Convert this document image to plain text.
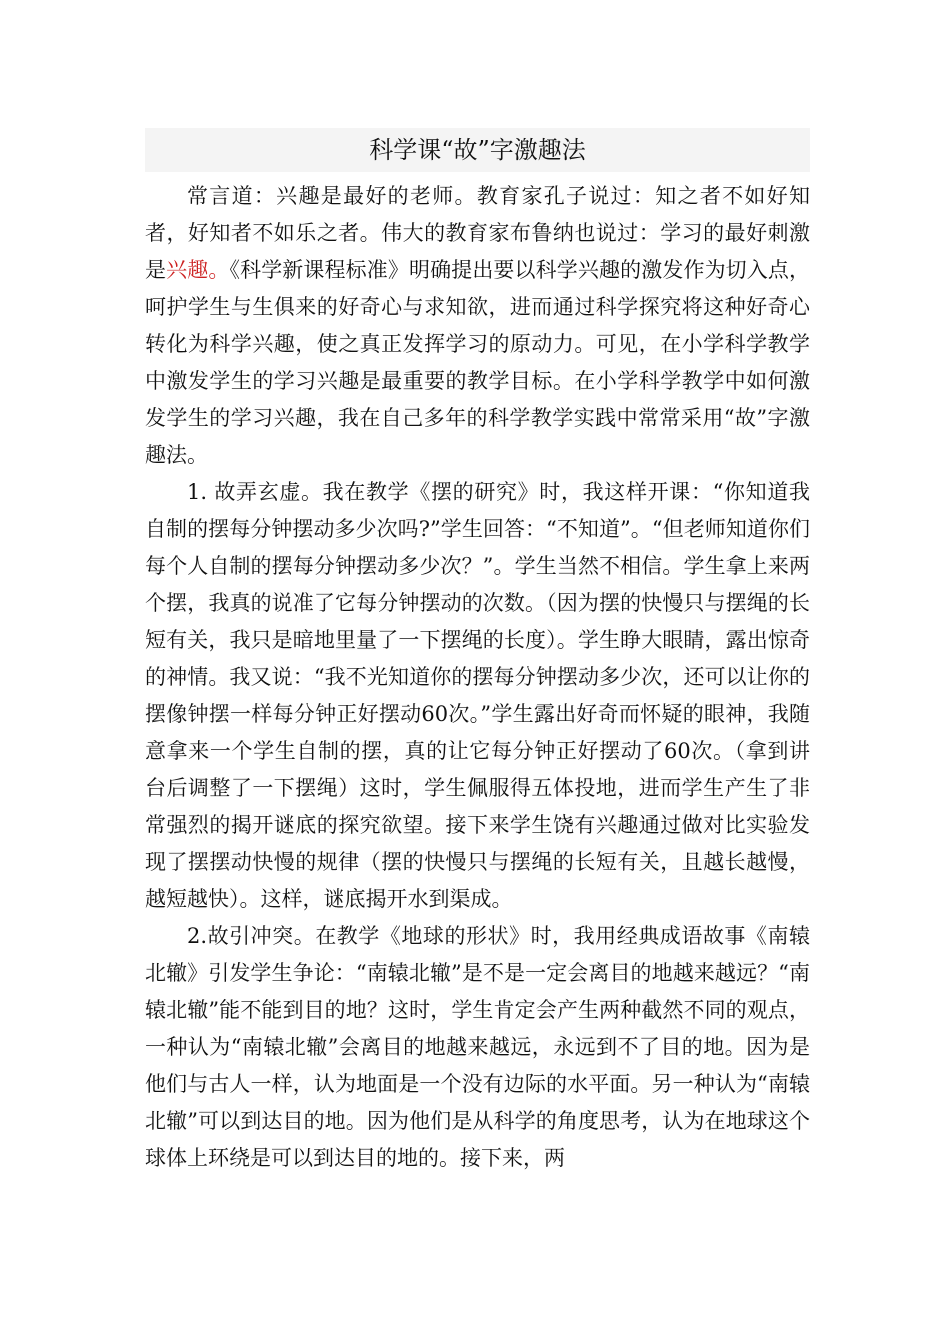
科学课“故”字激趣法

常言道：兴趣是最好的老师。教育家孔子说过：知之者不如好知者，好知者不如乐之者。伟大的教育家布鲁纳也说过：学习的最好刺激是兴趣。《科学新课程标准》明确提出要以科学兴趣的激发作为切入点，呵护学生与生俱来的好奇心与求知欲，进而通过科学探究将这种好奇心转化为科学兴趣，使之真正发挥学习的原动力。可见，在小学科学教学中激发学生的学习兴趣是最重要的教学目标。在小学科学教学中如何激发学生的学习兴趣，我在自己多年的科学教学实践中常常采用“故”字激趣法。

1. 故弄玄虚。我在教学《摆的研究》时，我这样开课：“你知道我自制的摆每分钟摆动多少次吗?”学生回答：“不知道”。“但老师知道你们每个人自制的摆每分钟摆动多少次？”。学生当然不相信。学生拿上来两个摆，我真的说准了它每分钟摆动的次数。（因为摆的快慢只与摆绳的长短有关，我只是暗地里量了一下摆绳的长度）。学生睁大眼睛，露出惊奇的神情。我又说：“我不光知道你的摆每分钟摆动多少次，还可以让你的摆像钟摆一样每分钟正好摆动60次。”学生露出好奇而怀疑的眼神，我随意拿来一个学生自制的摆，真的让它每分钟正好摆动了60次。（拿到讲台后调整了一下摆绳）这时，学生佩服得五体投地，进而学生产生了非常强烈的揭开谜底的探究欲望。接下来学生饶有兴趣通过做对比实验发现了摆摆动快慢的规律（摆的快慢只与摆绳的长短有关，且越长越慢，越短越快）。这样，谜底揭开水到渠成。

2.故引冲突。在教学《地球的形状》时，我用经典成语故事《南辕北辙》引发学生争论：“南辕北辙”是不是一定会离目的地越来越远？“南辕北辙”能不能到目的地？这时，学生肯定会产生两种截然不同的观点，一种认为“南辕北辙”会离目的地越来越远，永远到不了目的地。因为是他们与古人一样，认为地面是一个没有边际的水平面。另一种认为“南辕北辙”可以到达目的地。因为他们是从科学的角度思考，认为在地球这个球体上环绕是可以到达目的地的。接下来，两
